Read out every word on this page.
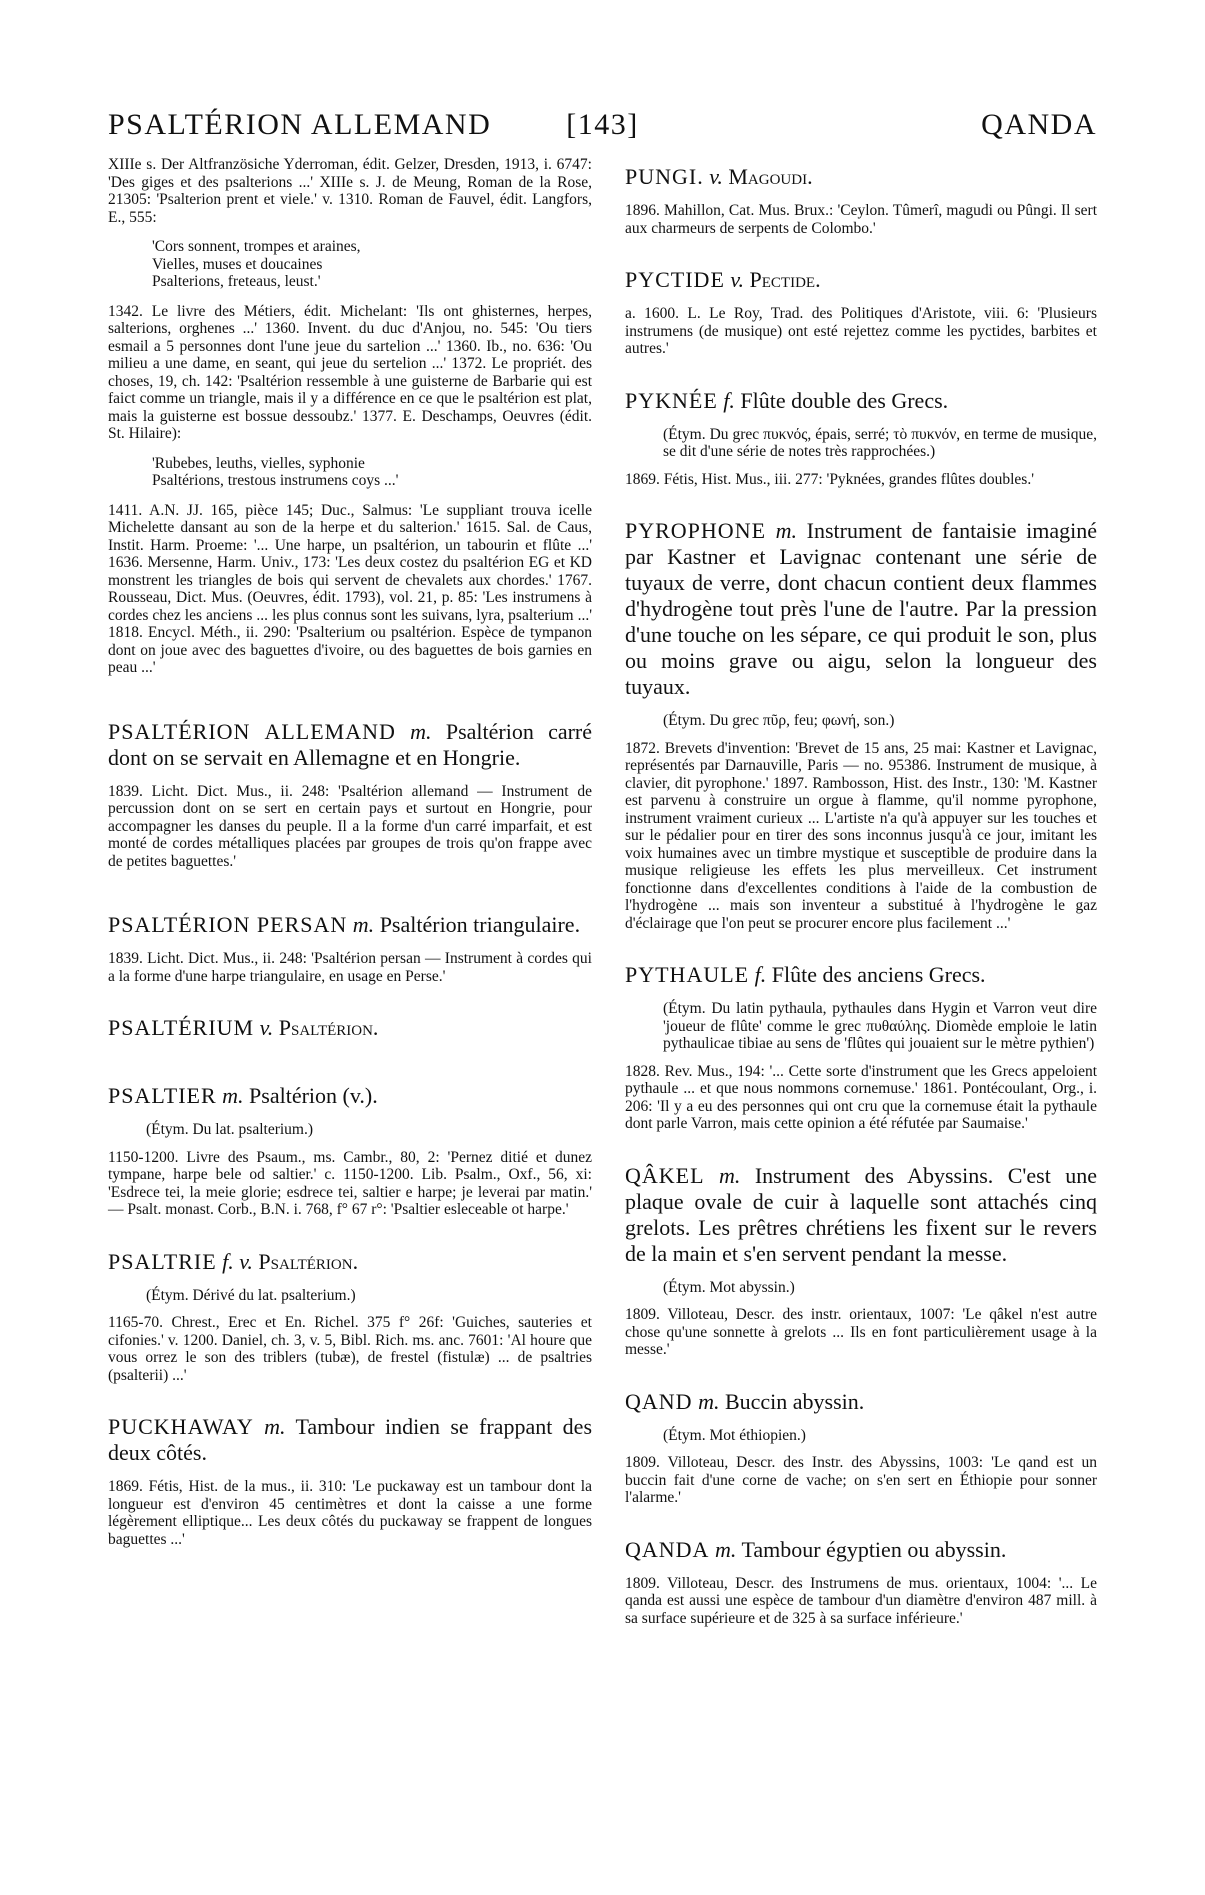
PSALTÉRION ALLEMAND	[143]	QANDA

XIIIe s. Der Altfranzösiche Yderroman, édit. Gelzer, Dresden, 1913, i. 6747: 'Des giges et des psalterions ...' XIIIe s. J. de Meung, Roman de la Rose, 21305: 'Psalterion prent et viele.' v. 1310. Roman de Fauvel, édit. Langfors, E., 555:

'Cors sonnent, trompes et araines,

Vielles, muses et doucaines

Psalterions, freteaus, leust.'

1342. Le livre des Métiers, édit. Michelant: 'Ils ont ghisternes, herpes, salterions, orghenes ...' 1360. Invent. du duc d'Anjou, no. 545: 'Ou tiers esmail a 5 personnes dont l'une jeue du sartelion ...' 1360. Ib., no. 636: 'Ou milieu a une dame, en seant, qui jeue du sertelion ...' 1372. Le propriét. des choses, 19, ch. 142: 'Psaltérion ressemble à une guisterne de Barbarie qui est faict comme un triangle, mais il y a différence en ce que le psaltérion est plat, mais la guisterne est bossue dessoubz.' 1377. E. Deschamps, Oeuvres (édit. St. Hilaire):

'Rubebes, leuths, vielles, syphonie

Psaltérions, trestous instrumens coys ...'

1411. A.N. JJ. 165, pièce 145; Duc., Salmus: 'Le suppliant trouva icelle Michelette dansant au son de la herpe et du salterion.' 1615. Sal. de Caus, Instit. Harm. Proeme: '... Une harpe, un psaltérion, un tabourin et flûte ...' 1636. Mersenne, Harm. Univ., 173: 'Les deux costez du psaltérion EG et KD monstrent les triangles de bois qui servent de chevalets aux chordes.' 1767. Rousseau, Dict. Mus. (Oeuvres, édit. 1793), vol. 21, p. 85: 'Les instrumens à cordes chez les anciens ... les plus connus sont les suivans, lyra, psalterium ...' 1818. Encycl. Méth., ii. 290: 'Psalterium ou psaltérion. Espèce de tympanon dont on joue avec des baguettes d'ivoire, ou des baguettes de bois garnies en peau ...'

PSALTÉRION ALLEMAND m. Psaltérion carré dont on se servait en Allemagne et en Hongrie.

1839. Licht. Dict. Mus., ii. 248: 'Psaltérion allemand — Instrument de percussion dont on se sert en certain pays et surtout en Hongrie, pour accompagner les danses du peuple. Il a la forme d'un carré imparfait, et est monté de cordes métalliques placées par groupes de trois qu'on frappe avec de petites baguettes.'

PSALTÉRION PERSAN m. Psaltérion triangulaire.

1839. Licht. Dict. Mus., ii. 248: 'Psaltérion persan — Instrument à cordes qui a la forme d'une harpe triangulaire, en usage en Perse.'

PSALTÉRIUM v. Psaltérion.

PSALTIER m. Psaltérion (v.).

(Étym. Du lat. psalterium.)

1150-1200. Livre des Psaum., ms. Cambr., 80, 2: 'Pernez ditié et dunez tympane, harpe bele od saltier.' c. 1150-1200. Lib. Psalm., Oxf., 56, xi: 'Esdrece tei, la meie glorie; esdrece tei, saltier e harpe; je leverai par matin.' — Psalt. monast. Corb., B.N. i. 768, f° 67 r°: 'Psaltier esleceable ot harpe.'

PSALTRIE f. v. Psaltérion.

(Étym. Dérivé du lat. psalterium.)

1165-70. Chrest., Erec et En. Richel. 375 f° 26f: 'Guiches, sauteries et cifonies.' v. 1200. Daniel, ch. 3, v. 5, Bibl. Rich. ms. anc. 7601: 'Al houre que vous orrez le son des triblers (tubæ), de frestel (fistulæ) ... de psaltries (psalterii) ...'

PUCKHAWAY m. Tambour indien se frappant des deux côtés.

1869. Fétis, Hist. de la mus., ii. 310: 'Le puckaway est un tambour dont la longueur est d'environ 45 centimètres et dont la caisse a une forme légèrement elliptique... Les deux côtés du puckaway se frappent de longues baguettes ...'

PUNGI. v. Magoudi.

1896. Mahillon, Cat. Mus. Brux.: 'Ceylon. Tûmerî, magudi ou Pûngi. Il sert aux charmeurs de serpents de Colombo.'

PYCTIDE v. Pectide.

a. 1600. L. Le Roy, Trad. des Politiques d'Aristote, viii. 6: 'Plusieurs instrumens (de musique) ont esté rejettez comme les pyctides, barbites et autres.'

PYKNÉE f. Flûte double des Grecs.

(Étym. Du grec πυκνός, épais, serré; τὸ πυκνόν, en terme de musique, se dit d'une série de notes très rapprochées.)

1869. Fétis, Hist. Mus., iii. 277: 'Pyknées, grandes flûtes doubles.'

PYROPHONE m. Instrument de fantaisie imaginé par Kastner et Lavignac contenant une série de tuyaux de verre, dont chacun contient deux flammes d'hydrogène tout près l'une de l'autre. Par la pression d'une touche on les sépare, ce qui produit le son, plus ou moins grave ou aigu, selon la longueur des tuyaux.

(Étym. Du grec πῦρ, feu; φωνή, son.)

1872. Brevets d'invention: 'Brevet de 15 ans, 25 mai: Kastner et Lavignac, représentés par Darnauville, Paris — no. 95386. Instrument de musique, à clavier, dit pyrophone.' 1897. Rambosson, Hist. des Instr., 130: 'M. Kastner est parvenu à construire un orgue à flamme, qu'il nomme pyrophone, instrument vraiment curieux ... L'artiste n'a qu'à appuyer sur les touches et sur le pédalier pour en tirer des sons inconnus jusqu'à ce jour, imitant les voix humaines avec un timbre mystique et susceptible de produire dans la musique religieuse les effets les plus merveilleux. Cet instrument fonctionne dans d'excellentes conditions à l'aide de la combustion de l'hydrogène ... mais son inventeur a substitué à l'hydrogène le gaz d'éclairage que l'on peut se procurer encore plus facilement ...'

PYTHAULE f. Flûte des anciens Grecs.

(Étym. Du latin pythaula, pythaules dans Hygin et Varron veut dire 'joueur de flûte' comme le grec πυθαύλης. Diomède emploie le latin pythaulicae tibiae au sens de 'flûtes qui jouaient sur le mètre pythien')

1828. Rev. Mus., 194: '... Cette sorte d'instrument que les Grecs appeloient pythaule ... et que nous nommons cornemuse.' 1861. Pontécoulant, Org., i. 206: 'Il y a eu des personnes qui ont cru que la cornemuse était la pythaule dont parle Varron, mais cette opinion a été réfutée par Saumaise.'

QÂKEL m. Instrument des Abyssins. C'est une plaque ovale de cuir à laquelle sont attachés cinq grelots. Les prêtres chrétiens les fixent sur le revers de la main et s'en servent pendant la messe.

(Étym. Mot abyssin.)

1809. Villoteau, Descr. des instr. orientaux, 1007: 'Le qâkel n'est autre chose qu'une sonnette à grelots ... Ils en font particulièrement usage à la messe.'

QAND m. Buccin abyssin.

(Étym. Mot éthiopien.)

1809. Villoteau, Descr. des Instr. des Abyssins, 1003: 'Le qand est un buccin fait d'une corne de vache; on s'en sert en Éthiopie pour sonner l'alarme.'

QANDA m. Tambour égyptien ou abyssin.

1809. Villoteau, Descr. des Instrumens de mus. orientaux, 1004: '... Le qanda est aussi une espèce de tambour d'un diamètre d'environ 487 mill. à sa surface supérieure et de 325 à sa surface inférieure.'
